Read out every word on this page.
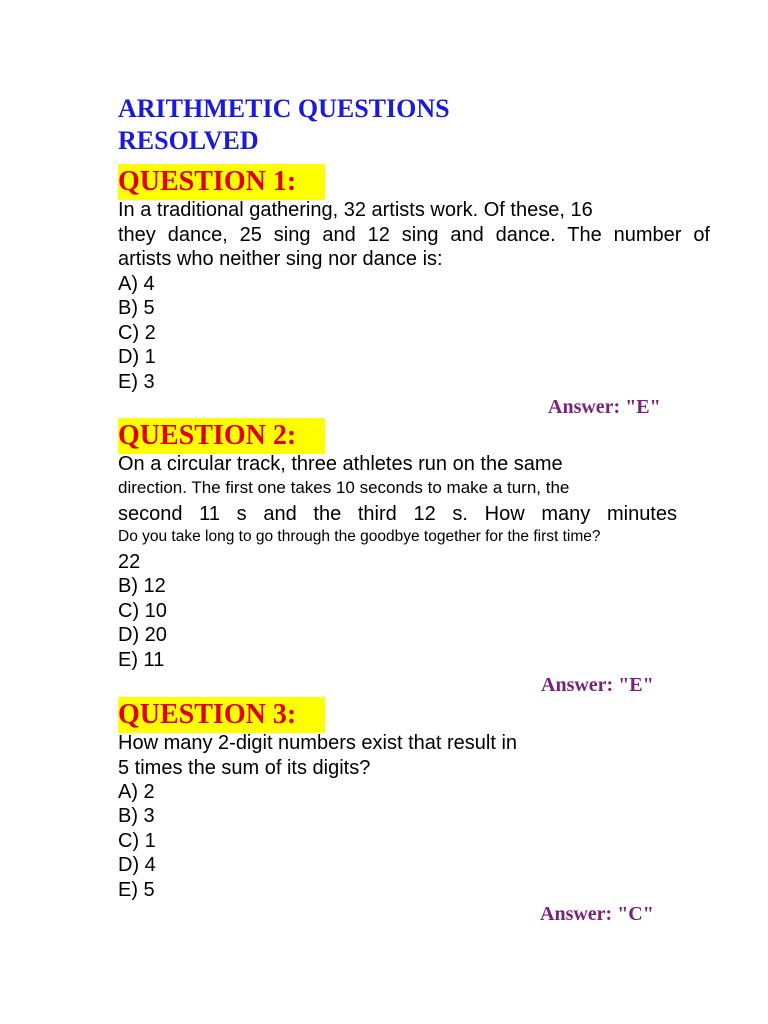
ARITHMETIC QUESTIONS
RESOLVED
QUESTION 1:
In a traditional gathering, 32 artists work. Of these, 16
they dance, 25 sing and 12 sing and dance. The number of
artists who neither sing nor dance is:
A) 4
B) 5
C) 2
D) 1
E) 3
Answer: "E"
QUESTION 2:
On a circular track, three athletes run on the same
direction. The first one takes 10 seconds to make a turn, the
second 11 s and the third 12 s. How many minutes
Do you take long to go through the goodbye together for the first time?
22
B) 12
C) 10
D) 20
E) 11
Answer: "E"
QUESTION 3:
How many 2-digit numbers exist that result in
5 times the sum of its digits?
A) 2
B) 3
C) 1
D) 4
E) 5
Answer: "C"
